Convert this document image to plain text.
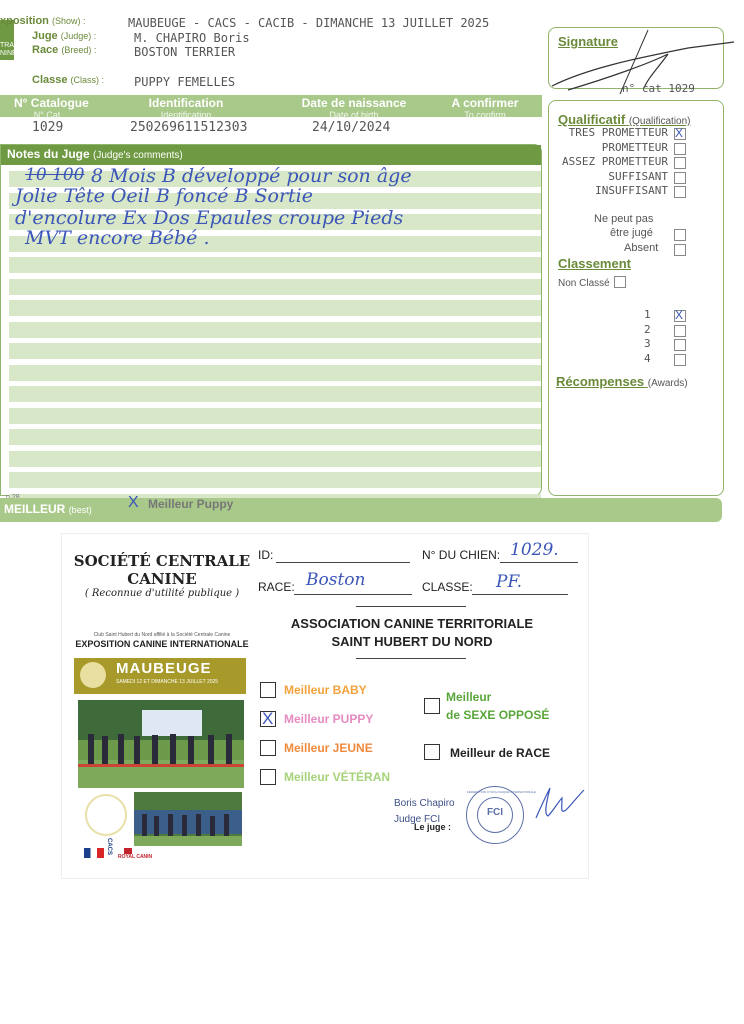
TRALE
NINE
xposition (Show) :	MAUBEUGE - CACS - CACIB - DIMANCHE 13 JUILLET 2025
Juge (Judge) :	M. CHAPIRO Boris
Race (Breed) :	BOSTON TERRIER
Classe (Class) : PUPPY FEMELLES
N° Catalogue
N° Cat
Identification
Identification
Date de naissance
Date of birth
A confirmer
To confirm
1029	250269611512303	24/10/2024
Notes du Juge (Judge's comments)
10 100 8 Mois B développé pour son âge
Jolie Tête Oeil B foncé B Sortie
d'encolure Ex Dos Epaules croupe Pieds
MVT encore Bébé .
Signature
n° cat 1029
Qualificatif (Qualification)
TRES PROMETTEUR X
PROMETTEUR
ASSEZ PROMETTEUR
SUFFISANT
INSUFFISANT
Ne peut pas
être jugé
Absent
Classement
Non Classé
1 X
2
3
4
Récompenses (Awards)
MEILLEUR (best) X Meilleur Puppy
SOCIÉTÉ CENTRALE
CANINE
( Reconnue d'utilité publique )
Club Saint Hubert du Nord affilié à la Société Centrale Canine
EXPOSITION CANINE INTERNATIONALE
MAUBEUGE
SAMEDI 12 ET DIMANCHE 13 JUILLET 2025
CACS
ROYAL CANIN
ID:	N° DU CHIEN: 1029.
RACE: Boston	CLASSE: PF.
ASSOCIATION CANINE TERRITORIALE
SAINT HUBERT DU NORD
Meilleur BABY
X Meilleur PUPPY
Meilleur JEUNE
Meilleur VÉTÉRAN
Meilleur
de SEXE OPPOSÉ
Meilleur de RACE
Boris Chapiro
Judge FCI
Le juge :
FCI
FÉDÉRATION CYNOLOGIQUE INTERNATIONALE
